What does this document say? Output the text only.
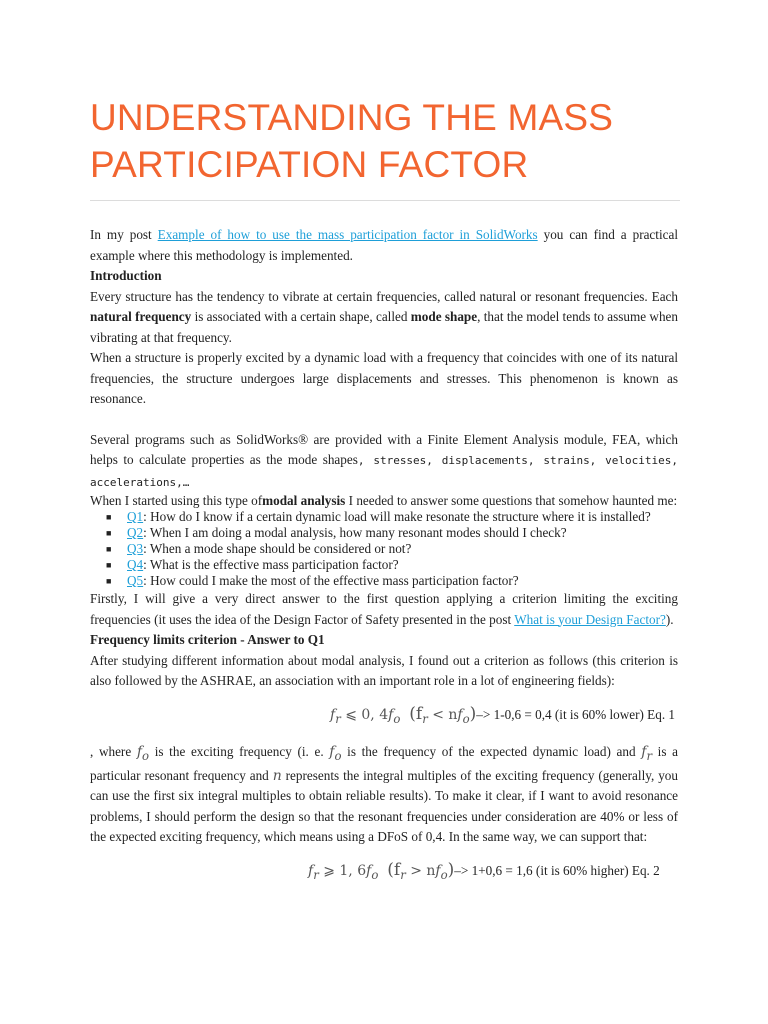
UNDERSTANDING THE MASS PARTICIPATION FACTOR

In my post Example of how to use the mass participation factor in SolidWorks you can find a practical example where this methodology is implemented.

Introduction

Every structure has the tendency to vibrate at certain frequencies, called natural or resonant frequencies. Each natural frequency is associated with a certain shape, called mode shape, that the model tends to assume when vibrating at that frequency.

When a structure is properly excited by a dynamic load with a frequency that coincides with one of its natural frequencies, the structure undergoes large displacements and stresses. This phenomenon is known as resonance.

Several programs such as SolidWorks® are provided with a Finite Element Analysis module, FEA, which helps to calculate properties as the mode shapes, stresses, displacements, strains, velocities, accelerations,…

When I started using this type ofmodal analysis I needed to answer some questions that somehow haunted me:

■ Q1: How do I know if a certain dynamic load will make resonate the structure where it is installed?
■ Q2: When I am doing a modal analysis, how many resonant modes should I check?
■ Q3: When a mode shape should be considered or not?
■ Q4: What is the effective mass participation factor?
■ Q5: How could I make the most of the effective mass participation factor?

Firstly, I will give a very direct answer to the first question applying a criterion limiting the exciting frequencies (it uses the idea of the Design Factor of Safety presented in the post What is your Design Factor?).

Frequency limits criterion - Answer to Q1

After studying different information about modal analysis, I found out a criterion as follows (this criterion is also followed by the ASHRAE, an association with an important role in a lot of engineering fields):

$f_r$ ⩽ 0, $4f_o$ $(f_r < nf_o)-> 1-0,6 = 0,4$ (it is 60% lower) Eq. 1

, where $f_o$ is the exciting frequency (i. e. $f_o$ is the frequency of the expected dynamic load) and $f_r$ is a particular resonant frequency and n represents the integral multiples of the exciting frequency (generally, you can use the first six integral multiples to obtain reliable results). To make it clear, if I want to avoid resonance problems, I should perform the design so that the resonant frequencies under consideration are 40% or less of the expected exciting frequency, which means using a DFoS of 0,4. In the same way, we can support that:

$f_r$ ⩾ 1, $6f_o$ $(f_r > nf_o)-> 1+0,6 = 1,6$ (it is 60% higher) Eq. 2
